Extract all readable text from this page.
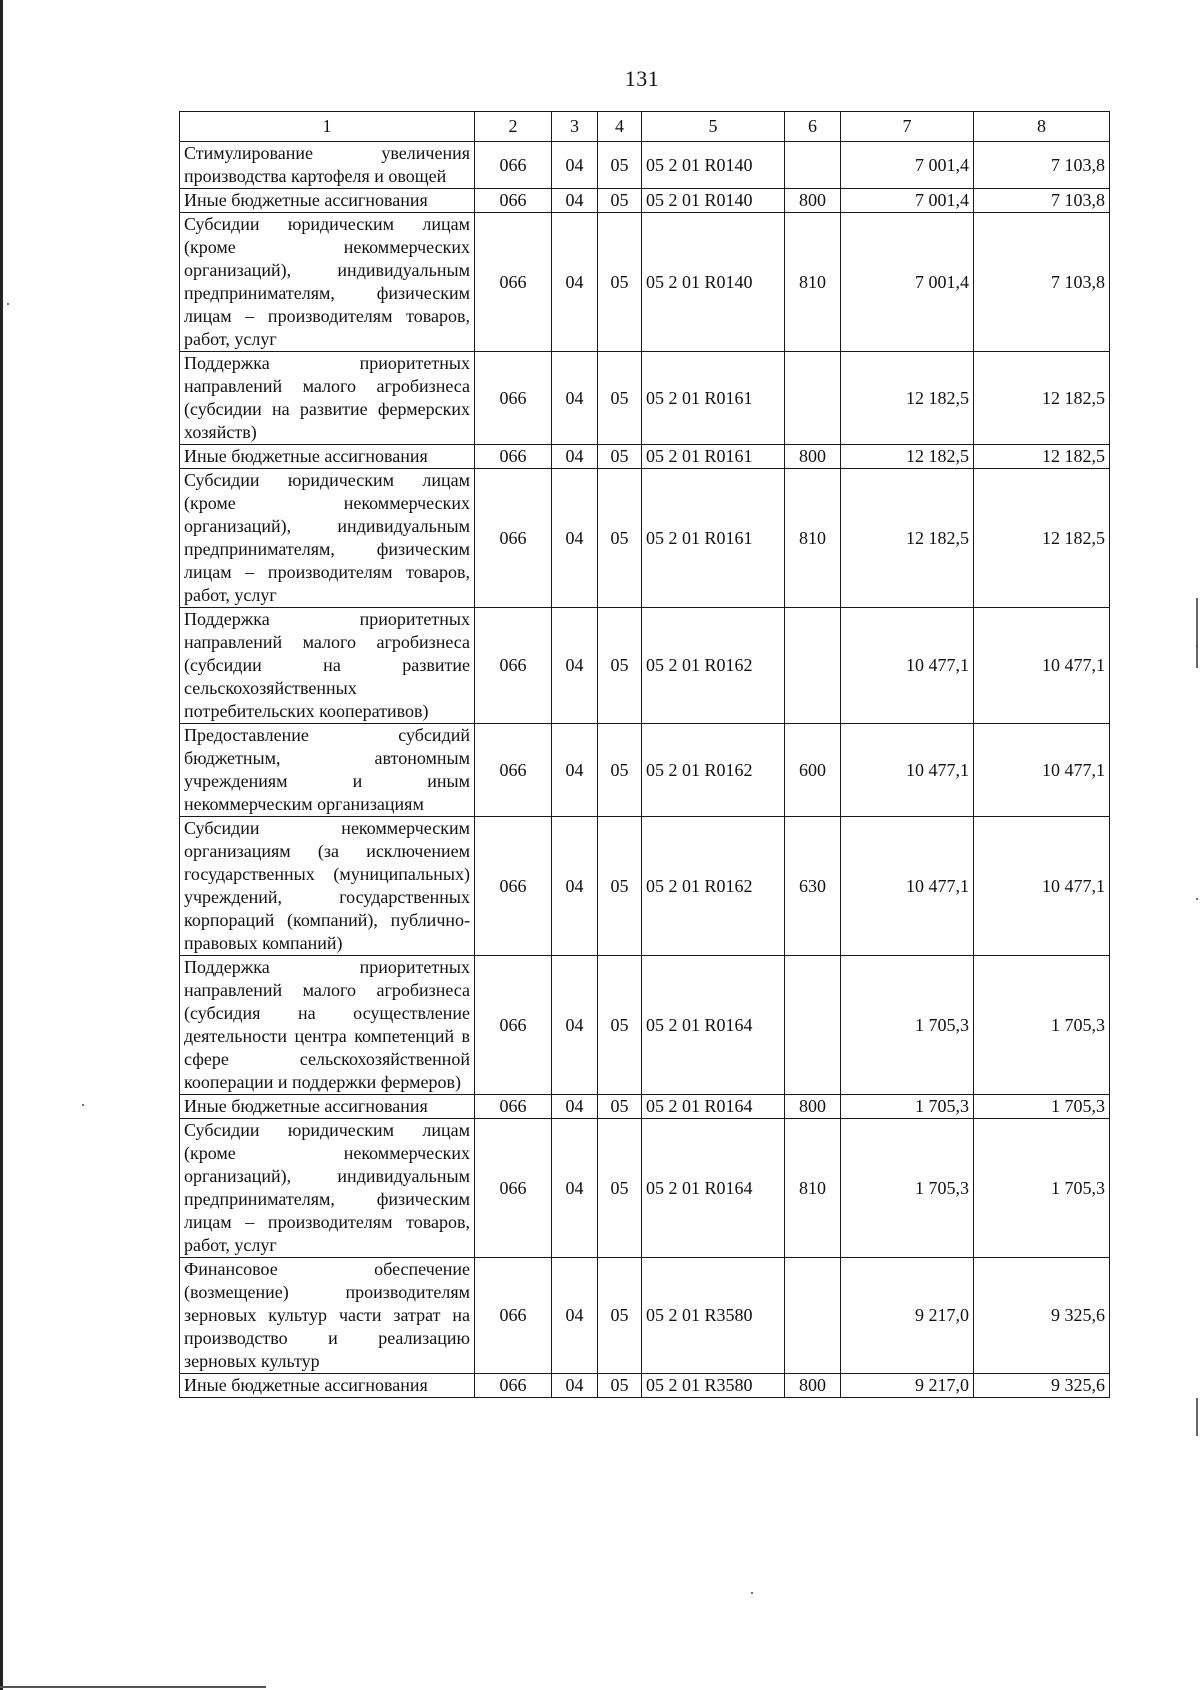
131
1	2	3	4	5	6	7	8
Стимулирование увеличения производства картофеля и овощей	066	04	05	05 2 01 R0140		7 001,4	7 103,8
Иные бюджетные ассигнования	066	04	05	05 2 01 R0140	800	7 001,4	7 103,8
Субсидии юридическим лицам (кроме некоммерческих организаций), индивидуальным предпринимателям, физическим лицам – производителям товаров, работ, услуг	066	04	05	05 2 01 R0140	810	7 001,4	7 103,8
Поддержка приоритетных направлений малого агробизнеса (субсидии на развитие фермерских хозяйств)	066	04	05	05 2 01 R0161		12 182,5	12 182,5
Иные бюджетные ассигнования	066	04	05	05 2 01 R0161	800	12 182,5	12 182,5
Субсидии юридическим лицам (кроме некоммерческих организаций), индивидуальным предпринимателям, физическим лицам – производителям товаров, работ, услуг	066	04	05	05 2 01 R0161	810	12 182,5	12 182,5
Поддержка приоритетных направлений малого агробизнеса (субсидии на развитие сельскохозяйственных потребительских кооперативов)	066	04	05	05 2 01 R0162		10 477,1	10 477,1
Предоставление субсидий бюджетным, автономным учреждениям и иным некоммерческим организациям	066	04	05	05 2 01 R0162	600	10 477,1	10 477,1
Субсидии некоммерческим организациям (за исключением государственных (муниципальных) учреждений, государственных корпораций (компаний), публично-правовых компаний)	066	04	05	05 2 01 R0162	630	10 477,1	10 477,1
Поддержка приоритетных направлений малого агробизнеса (субсидия на осуществление деятельности центра компетенций в сфере сельскохозяйственной кооперации и поддержки фермеров)	066	04	05	05 2 01 R0164		1 705,3	1 705,3
Иные бюджетные ассигнования	066	04	05	05 2 01 R0164	800	1 705,3	1 705,3
Субсидии юридическим лицам (кроме некоммерческих организаций), индивидуальным предпринимателям, физическим лицам – производителям товаров, работ, услуг	066	04	05	05 2 01 R0164	810	1 705,3	1 705,3
Финансовое обеспечение (возмещение) производителям зерновых культур части затрат на производство и реализацию зерновых культур	066	04	05	05 2 01 R3580		9 217,0	9 325,6
Иные бюджетные ассигнования	066	04	05	05 2 01 R3580	800	9 217,0	9 325,6
